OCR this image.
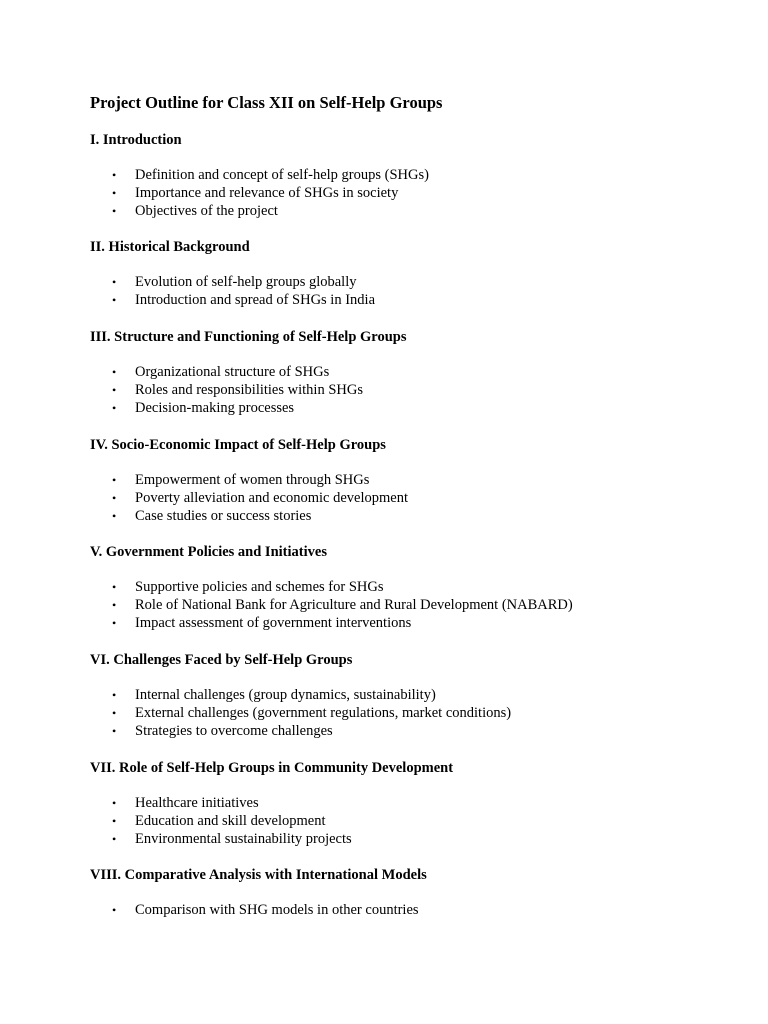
Project Outline for Class XII on Self-Help Groups
I. Introduction
• Definition and concept of self-help groups (SHGs)
• Importance and relevance of SHGs in society
• Objectives of the project
II. Historical Background
• Evolution of self-help groups globally
• Introduction and spread of SHGs in India
III. Structure and Functioning of Self-Help Groups
• Organizational structure of SHGs
• Roles and responsibilities within SHGs
• Decision-making processes
IV. Socio-Economic Impact of Self-Help Groups
• Empowerment of women through SHGs
• Poverty alleviation and economic development
• Case studies or success stories
V. Government Policies and Initiatives
• Supportive policies and schemes for SHGs
• Role of National Bank for Agriculture and Rural Development (NABARD)
• Impact assessment of government interventions
VI. Challenges Faced by Self-Help Groups
• Internal challenges (group dynamics, sustainability)
• External challenges (government regulations, market conditions)
• Strategies to overcome challenges
VII. Role of Self-Help Groups in Community Development
• Healthcare initiatives
• Education and skill development
• Environmental sustainability projects
VIII. Comparative Analysis with International Models
• Comparison with SHG models in other countries
